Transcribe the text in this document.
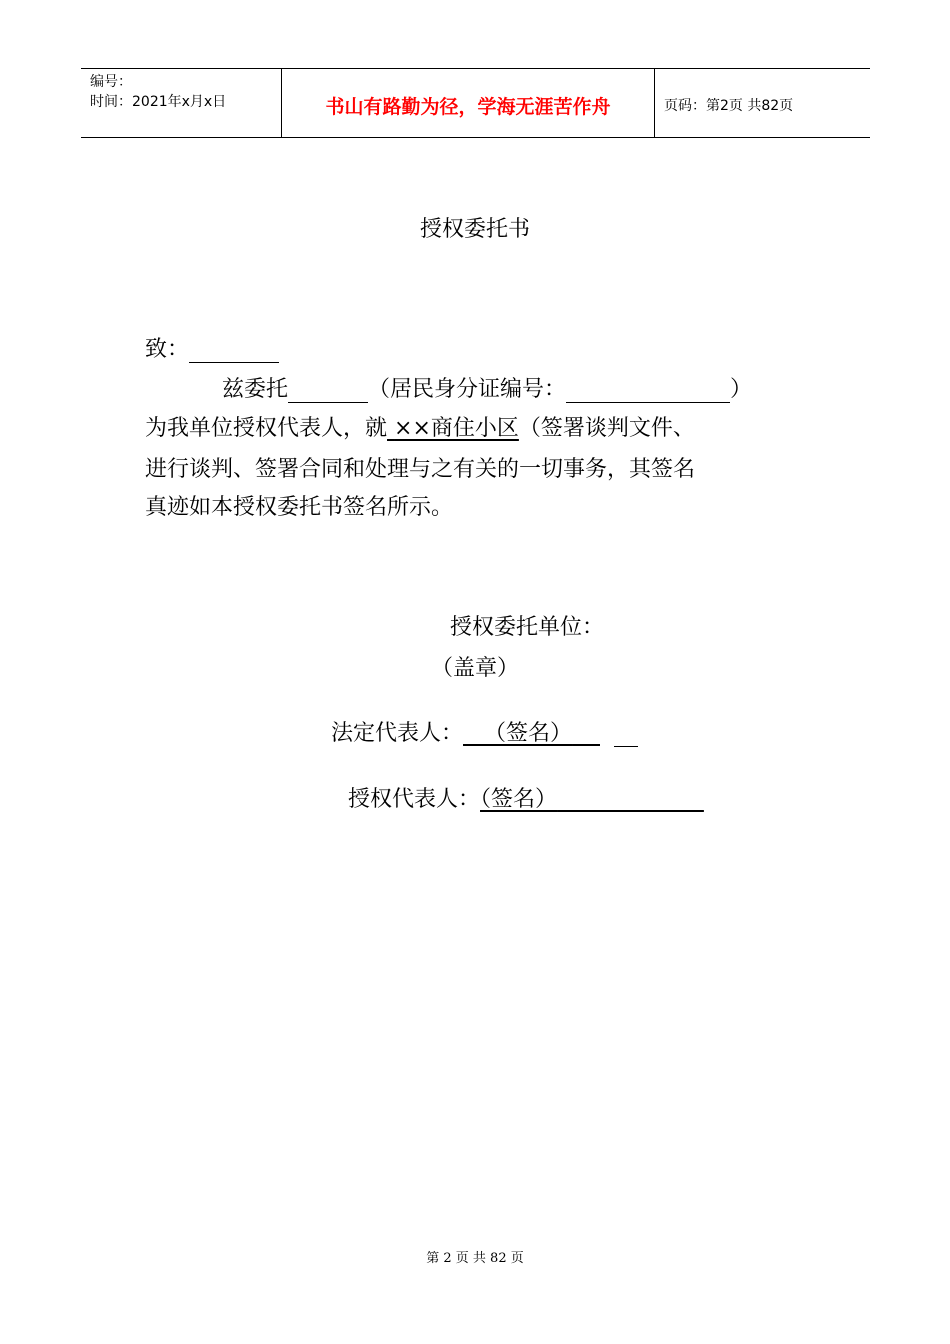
编号：
时间：2021年x月x日	书山有路勤为径，学海无涯苦作舟	页码：第2页 共82页
授权委托书
致：
兹委托	（居民身分证编号：	）
为我单位授权代表人，就 ××商住小区（签署谈判文件、
进行谈判、签署合同和处理与之有关的一切事务，其签名
真迹如本授权委托书签名所示。
授权委托单位：
（盖章）
法定代表人： （签名）
授权代表人：（签名）
第 2 页 共 82 页
